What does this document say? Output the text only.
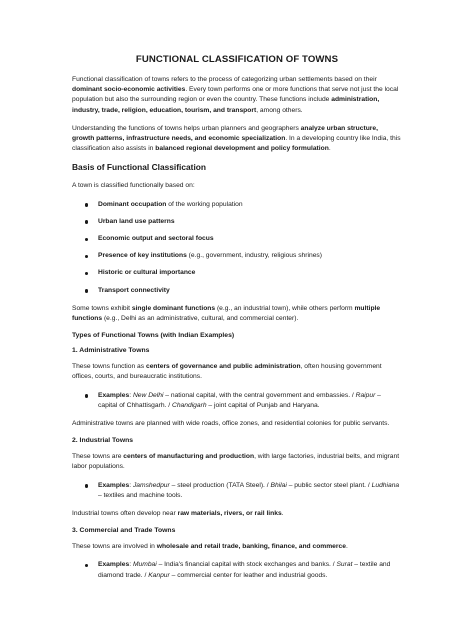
FUNCTIONAL CLASSIFICATION OF TOWNS

Functional classification of towns refers to the process of categorizing urban settlements based on their dominant socio-economic activities. Every town performs one or more functions that serve not just the local population but also the surrounding region or even the country. These functions include administration, industry, trade, religion, education, tourism, and transport, among others.

Understanding the functions of towns helps urban planners and geographers analyze urban structure, growth patterns, infrastructure needs, and economic specialization. In a developing country like India, this classification also assists in balanced regional development and policy formulation.

Basis of Functional Classification

A town is classified functionally based on:

Dominant occupation of the working population
Urban land use patterns
Economic output and sectoral focus
Presence of key institutions (e.g., government, industry, religious shrines)
Historic or cultural importance
Transport connectivity

Some towns exhibit single dominant functions (e.g., an industrial town), while others perform multiple functions (e.g., Delhi as an administrative, cultural, and commercial center).

Types of Functional Towns (with Indian Examples)
1. Administrative Towns

These towns function as centers of governance and public administration, often housing government offices, courts, and bureaucratic institutions.

Examples: New Delhi – national capital, with the central government and embassies. / Raipur – capital of Chhattisgarh. / Chandigarh – joint capital of Punjab and Haryana.

Administrative towns are planned with wide roads, office zones, and residential colonies for public servants.

2. Industrial Towns

These towns are centers of manufacturing and production, with large factories, industrial belts, and migrant labor populations.

Examples: Jamshedpur – steel production (TATA Steel). / Bhilai – public sector steel plant. / Ludhiana – textiles and machine tools.

Industrial towns often develop near raw materials, rivers, or rail links.

3. Commercial and Trade Towns

These towns are involved in wholesale and retail trade, banking, finance, and commerce.

Examples: Mumbai – India's financial capital with stock exchanges and banks. / Surat – textile and diamond trade. / Kanpur – commercial center for leather and industrial goods.
